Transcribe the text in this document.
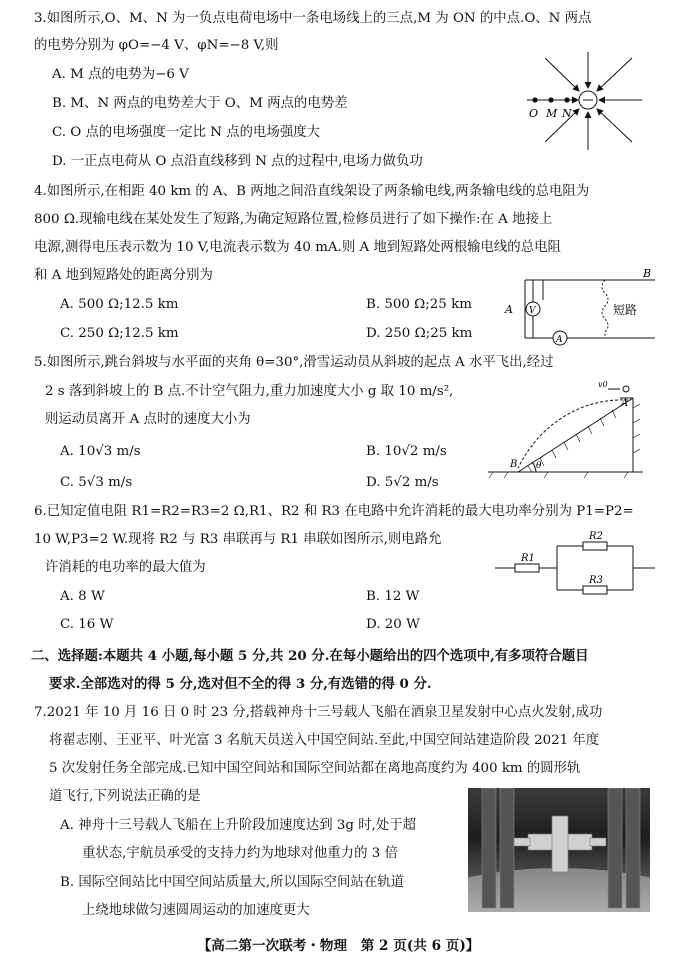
3.如图所示,O、M、N 为一负点电荷电场中一条电场线上的三点,M 为 ON 的中点.O、N 两点
的电势分别为 φO=−4 V、φN=−8 V,则
A. M 点的电势为−6 V
B. M、N 两点的电势差大于 O、M 两点的电势差
C. O 点的电场强度一定比 N 点的电场强度大
D. 一正点电荷从 O 点沿直线移到 N 点的过程中,电场力做负功
O M N
4.如图所示,在相距 40 km 的 A、B 两地之间沿直线架设了两条输电线,两条输电线的总电阻为
800 Ω.现输电线在某处发生了短路,为确定短路位置,检修员进行了如下操作:在 A 地接上
电源,测得电压表示数为 10 V,电流表示数为 40 mA.则 A 地到短路处两根输电线的总电阻
和 A 地到短路处的距离分别为
A. 500 Ω;12.5 km	B. 500 Ω;25 km
C. 250 Ω;12.5 km	D. 250 Ω;25 km
A
B
V
A
短路
5.如图所示,跳台斜坡与水平面的夹角 θ=30°,滑雪运动员从斜坡的起点 A 水平飞出,经过
2 s 落到斜坡上的 B 点.不计空气阻力,重力加速度大小 g 取 10 m/s²,
则运动员离开 A 点时的速度大小为
A. 10√3 m/s	B. 10√2 m/s
C. 5√3 m/s	D. 5√2 m/s
A
B θ
v0
6.已知定值电阻 R1=R2=R3=2 Ω,R1、R2 和 R3 在电路中允许消耗的最大电功率分别为 P1=P2=
10 W,P3=2 W.现将 R2 与 R3 串联再与 R1 串联如图所示,则电路允
许消耗的电功率的最大值为
A. 8 W	B. 12 W
C. 16 W	D. 20 W
R1
R2
R3
二、选择题:本题共 4 小题,每小题 5 分,共 20 分.在每小题给出的四个选项中,有多项符合题目
要求.全部选对的得 5 分,选对但不全的得 3 分,有选错的得 0 分.
7.2021 年 10 月 16 日 0 时 23 分,搭载神舟十三号载人飞船在酒泉卫星发射中心点火发射,成功
将翟志刚、王亚平、叶光富 3 名航天员送入中国空间站.至此,中国空间站建造阶段 2021 年度
5 次发射任务全部完成.已知中国空间站和国际空间站都在离地高度约为 400 km 的圆形轨
道飞行,下列说法正确的是
A. 神舟十三号载人飞船在上升阶段加速度达到 3g 时,处于超
重状态,宇航员承受的支持力约为地球对他重力的 3 倍
B. 国际空间站比中国空间站质量大,所以国际空间站在轨道
上绕地球做匀速圆周运动的加速度更大
【高二第一次联考・物理　第 2 页(共 6 页)】
